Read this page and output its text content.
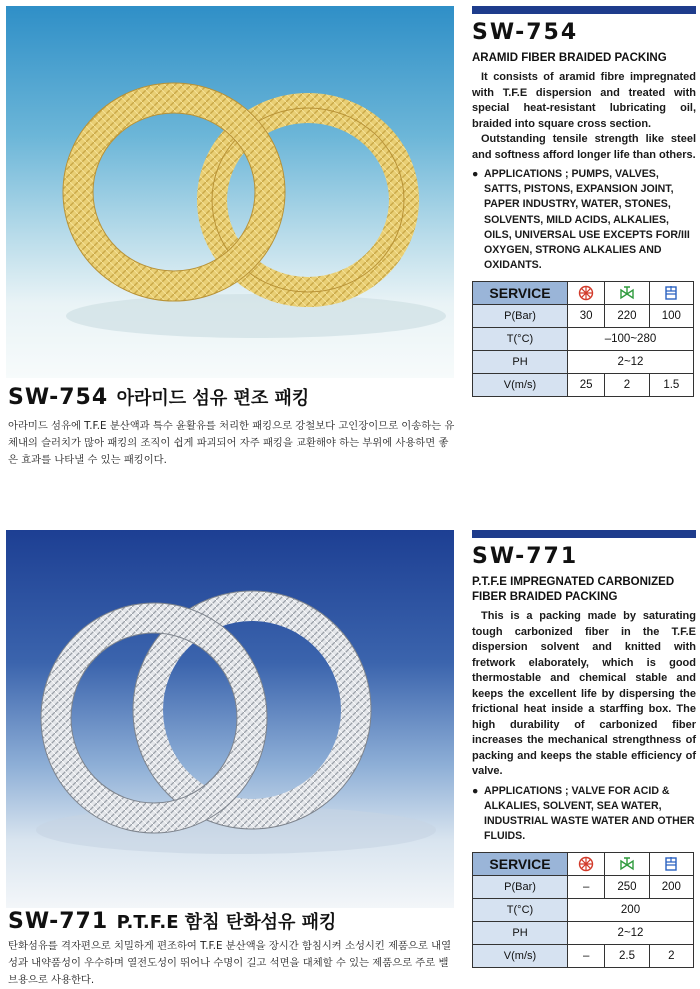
SW-754 아라미드 섬유 편조 패킹
아라미드 섬유에 T.F.E 분산액과 특수 윤활유를 처리한 패킹으로 강철보다 고인장이므로 이송하는 유체내의 슬러치가 많아 패킹의 조직이 쉽게 파괴되어 자주 패킹을 교환해야 하는 부위에 사용하면 좋은 효과를 나타낼 수 있는 패킹이다.
SW-754
ARAMID FIBER BRAIDED PACKING

It consists of aramid fibre impregnated with T.F.E dispersion and treated with special heat-resistant lubricating oil, braided into square cross section.

Outstanding tensile strength like steel and softness afford longer life than others.

● APPLICATIONS ; PUMPS, VALVES, SATTS, PISTONS, EXPANSION JOINT, PAPER INDUSTRY, WATER, STONES, SOLVENTS, MILD ACIDS, ALKALIES, OILS, UNIVERSAL USE EXCEPTS FOR/III OXYGEN, STRONG ALKALIES AND OXIDANTS.
SERVICE			
P(Bar)	30	220	100
T(°C)	–100~280		
PH	2~12		
V(m/s)	25	2	1.5
SW-771 P.T.F.E 함침 탄화섬유 패킹
탄화섬유를 격자편으로 치밀하게 편조하여 T.F.E 분산액을 장시간 함침시켜 소성시킨 제품으로 내열성과 내약품성이 우수하며 열전도성이 뛰어나 수명이 길고 석면을 대체할 수 있는 제품으로 주로 밸브용으로 사용한다.
SW-771
P.T.F.E IMPREGNATED CARBONIZED FIBER BRAIDED PACKING

This is a packing made by saturating tough carbonized fiber in the T.F.E dispersion solvent and knitted with fretwork elaborately, which is good thermostable and chemical stable and keeps the excellent life by dispersing the frictional heat inside a starffing box. The high durability of carbonized fiber increases the mechanical strengthness of packing and keeps the stable efficiency of valve.

● APPLICATIONS ; VALVE FOR ACID & ALKALIES, SOLVENT, SEA WATER, INDUSTRIAL WASTE WATER AND OTHER FLUIDS.
SERVICE			
P(Bar)	–	250	200
T(°C)	200		
PH	2~12		
V(m/s)	–	2.5	2
